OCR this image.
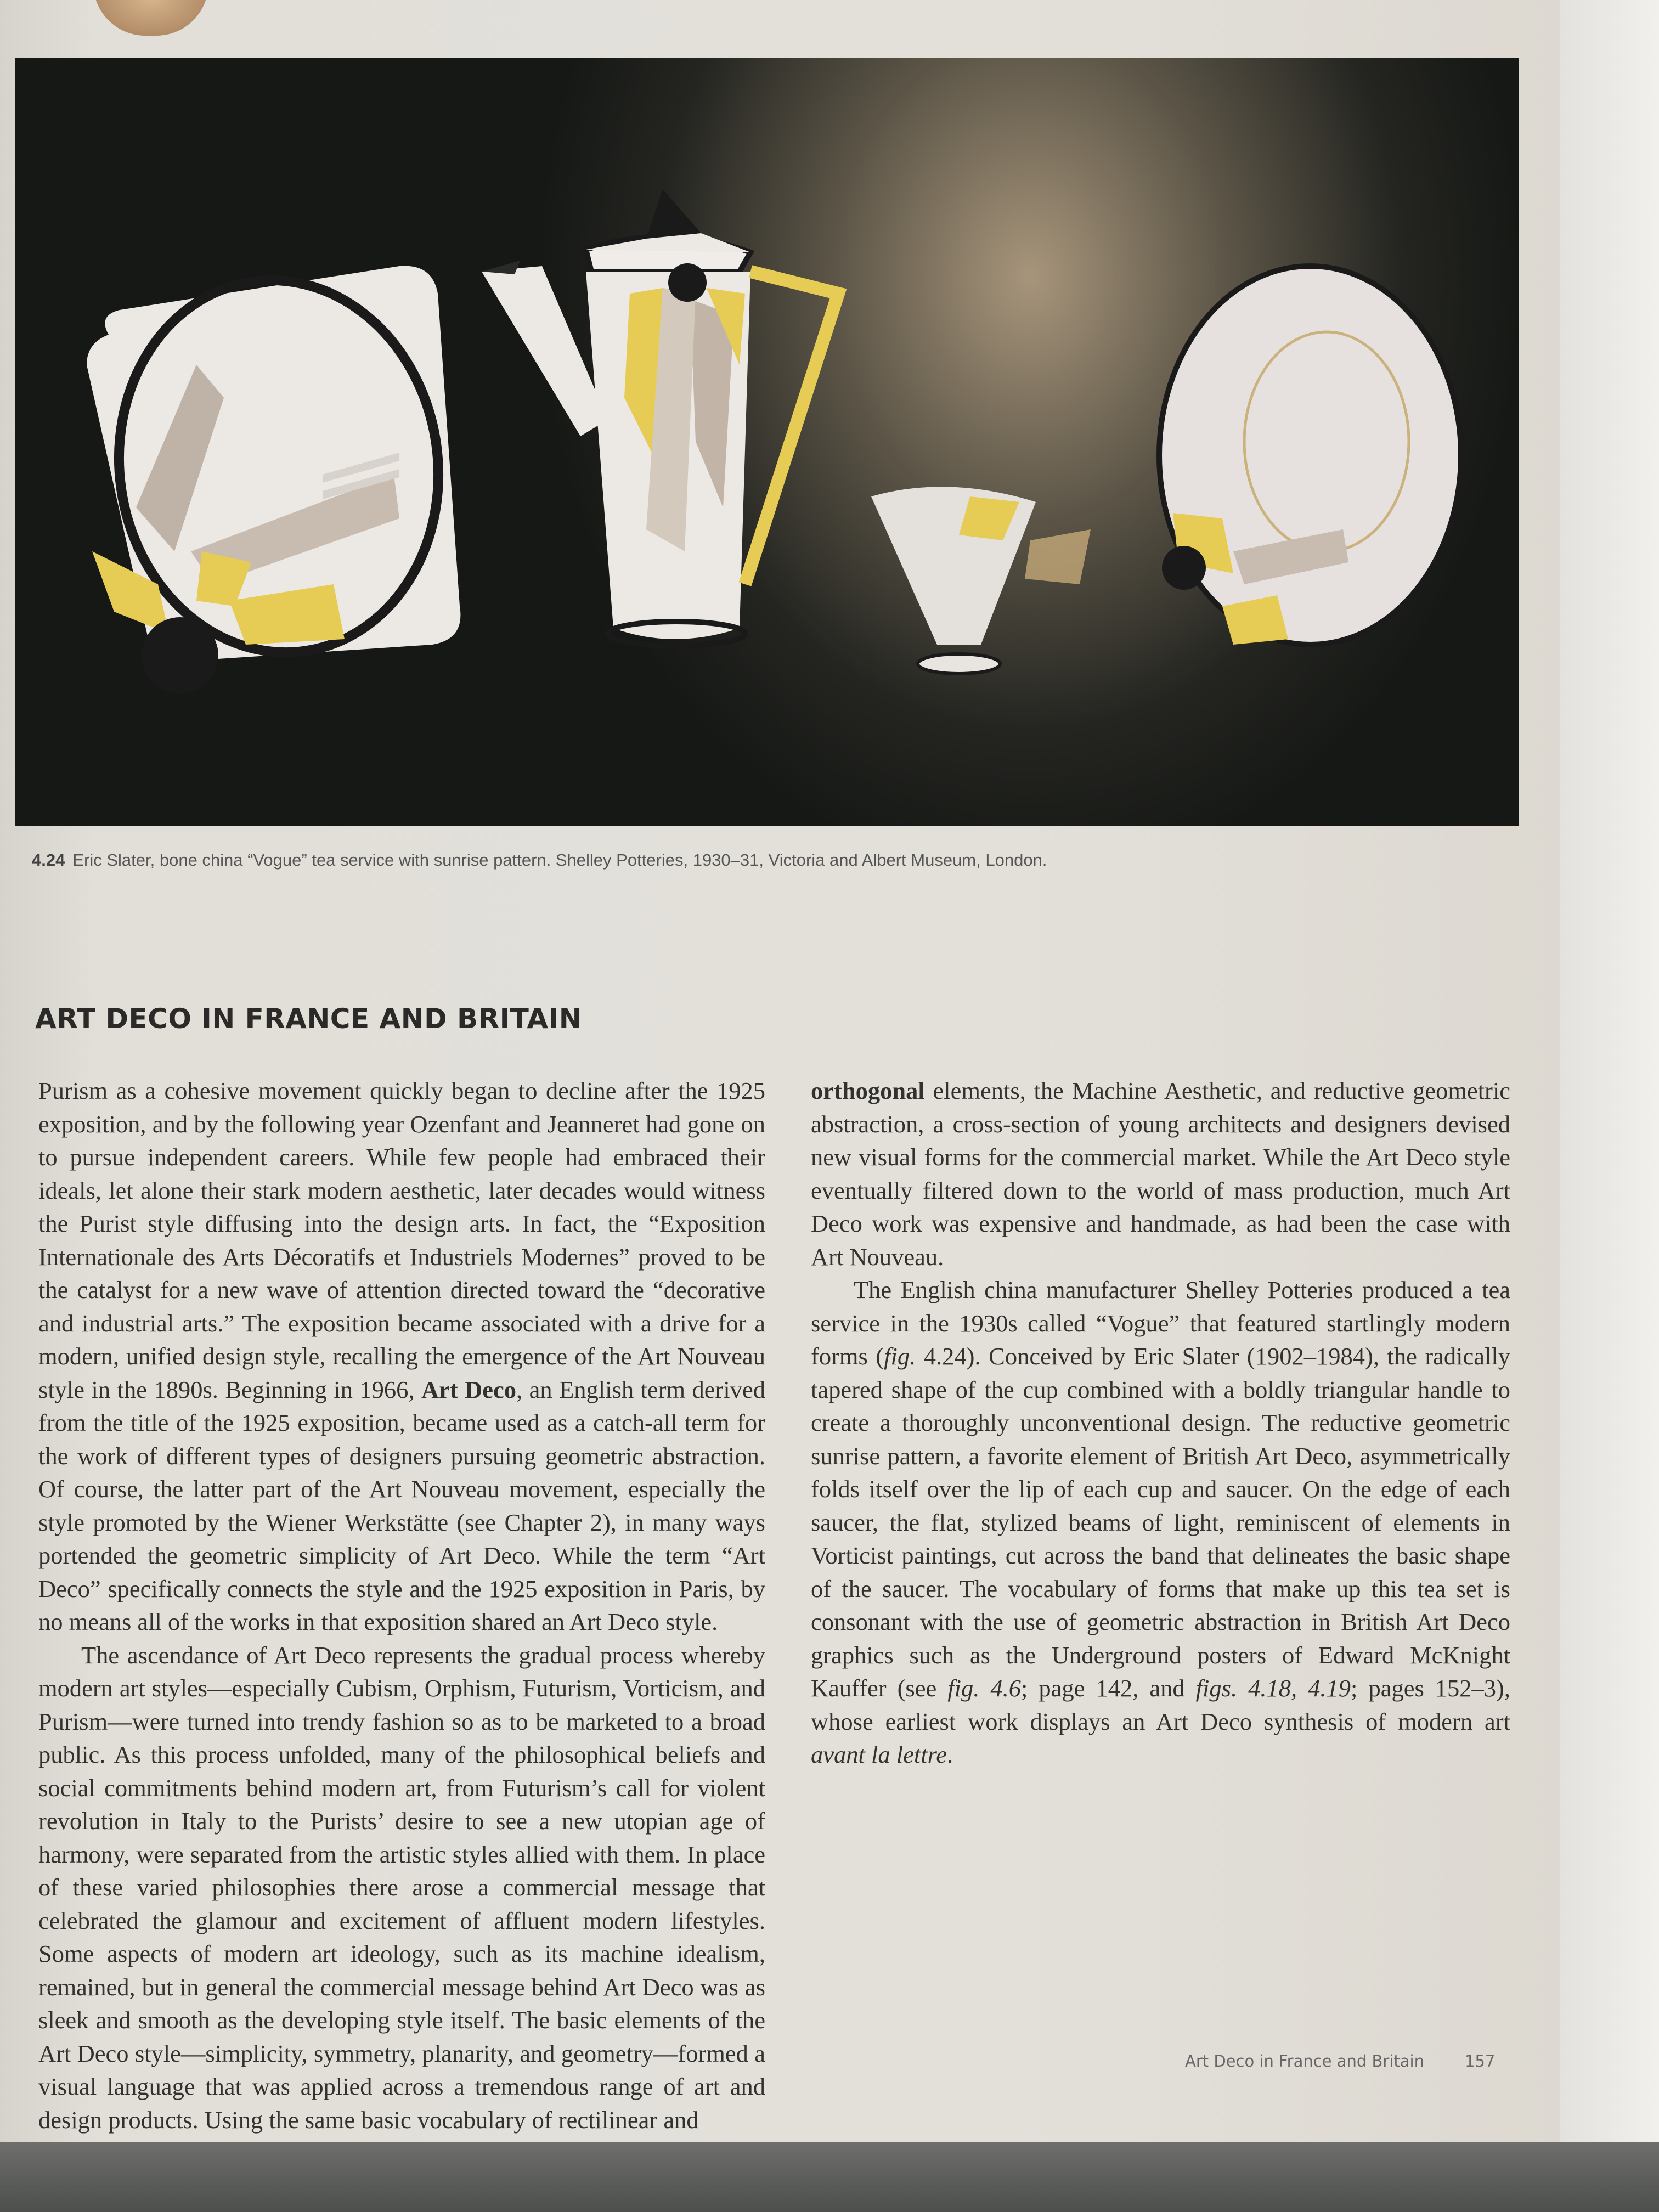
4.24 Eric Slater, bone china “Vogue” tea service with sunrise pattern. Shelley Potteries, 1930–31, Victoria and Albert Museum, London.
ART DECO IN FRANCE AND BRITAIN

Purism as a cohesive movement quickly began to decline after the 1925 exposition, and by the following year Ozenfant and Jeanneret had gone on to pursue independent careers. While few people had embraced their ideals, let alone their stark modern aesthetic, later decades would witness the Purist style diffusing into the design arts. In fact, the “Exposition Internationale des Arts Décoratifs et Industriels Modernes” proved to be the catalyst for a new wave of attention directed toward the “decorative and industrial arts.” The exposition became associated with a drive for a modern, unified design style, recalling the emergence of the Art Nouveau style in the 1890s. Beginning in 1966, Art Deco, an English term derived from the title of the 1925 exposition, became used as a catch-all term for the work of different types of designers pursuing geometric abstraction. Of course, the latter part of the Art Nouveau movement, especially the style promoted by the Wiener Werkstätte (see Chapter 2), in many ways portended the geometric simplicity of Art Deco. While the term “Art Deco” specifically connects the style and the 1925 exposition in Paris, by no means all of the works in that exposition shared an Art Deco style.

The ascendance of Art Deco represents the gradual process whereby modern art styles—especially Cubism, Orphism, Futurism, Vorticism, and Purism—were turned into trendy fashion so as to be marketed to a broad public. As this process unfolded, many of the philosophical beliefs and social commitments behind modern art, from Futurism’s call for violent revolution in Italy to the Purists’ desire to see a new utopian age of harmony, were separated from the artistic styles allied with them. In place of these varied philosophies there arose a commercial message that celebrated the glamour and excitement of affluent modern lifestyles. Some aspects of modern art ideology, such as its machine idealism, remained, but in general the commercial message behind Art Deco was as sleek and smooth as the developing style itself. The basic elements of the Art Deco style—simplicity, symmetry, planarity, and geometry—formed a visual language that was applied across a tremendous range of art and design products. Using the same basic vocabulary of rectilinear and

orthogonal elements, the Machine Aesthetic, and reductive geometric abstraction, a cross-section of young architects and designers devised new visual forms for the commercial market. While the Art Deco style eventually filtered down to the world of mass production, much Art Deco work was expensive and handmade, as had been the case with Art Nouveau.

The English china manufacturer Shelley Potteries produced a tea service in the 1930s called “Vogue” that featured startlingly modern forms (fig. 4.24). Conceived by Eric Slater (1902–1984), the radically tapered shape of the cup combined with a boldly triangular handle to create a thoroughly unconventional design. The reductive geometric sunrise pattern, a favorite element of British Art Deco, asymmetrically folds itself over the lip of each cup and saucer. On the edge of each saucer, the flat, stylized beams of light, reminiscent of elements in Vorticist paintings, cut across the band that delineates the basic shape of the saucer. The vocabulary of forms that make up this tea set is consonant with the use of geometric abstraction in British Art Deco graphics such as the Underground posters of Edward McKnight Kauffer (see fig. 4.6; page 142, and figs. 4.18, 4.19; pages 152–3), whose earliest work displays an Art Deco synthesis of modern art avant la lettre.

Art Deco in France and Britain	157
